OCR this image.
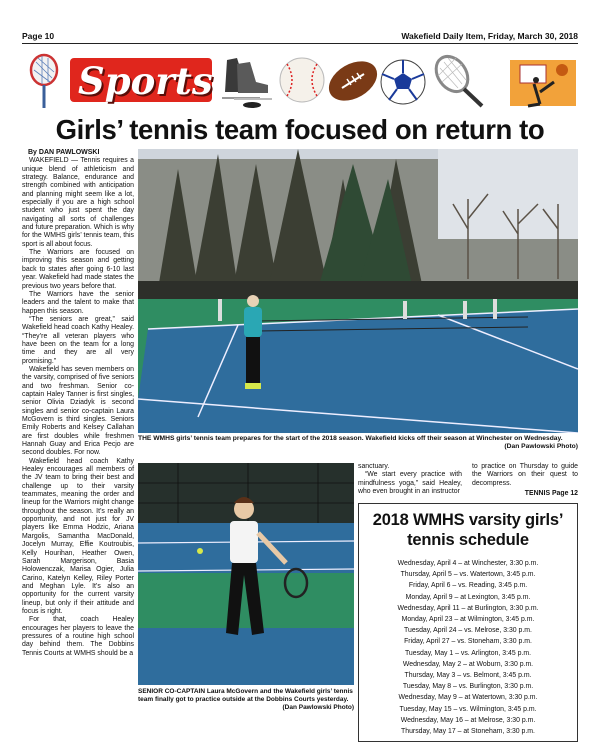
Page 10	Wakefield Daily Item, Friday, March 30, 2018
Sports
Girls’ tennis team focused on return to
By DAN PAWLOWSKI

WAKEFIELD — Tennis requires a unique blend of athleticism and strategy. Balance, endurance and strength combined with anticipation and planning might seem like a lot, especially if you are a high school student who just spent the day navigating all sorts of challenges and future preparation. Which is why for the WMHS girls’ tennis team, this sport is all about focus.

The Warriors are focused on improving this season and getting back to states after going 6-10 last year. Wakefield had made states the previous two years before that.

The Warriors have the senior leaders and the talent to make that happen this season.

“The seniors are great,” said Wakefield head coach Kathy Healey. “They’re all veteran players who have been on the team for a long time and they are all very promising.”

Wakefield has seven members on the varsity, comprised of five seniors and two freshman. Senior co-captain Haley Tanner is first singles, senior Olivia Dziadyk is second singles and senior co-captain Laura McGovern is third singles. Seniors Emily Roberts and Kelsey Callahan are first doubles while freshmen Hannah Guay and Erica Pecjo are second doubles. For now.

Wakefield head coach Kathy Healey encourages all members of the JV team to bring their best and challenge up to their varsity teammates, meaning the order and lineup for the Warriors might change throughout the season. It’s really an opportunity, and not just for JV players like Emma Hodzic, Ariana Margolis, Samantha MacDonald, Jocelyn Murray, Effie Koutroubis, Kelly Hourihan, Heather Owen, Sarah Margerison, Basia Holowenczak, Marisa Ogier, Julia Carino, Katelyn Kelley, Riley Porter and Meghan Lyle. It’s also an opportunity for the current varsity lineup, but only if their attitude and focus is right.

For that, coach Healey encourages her players to leave the pressures of a routine high school day behind them. The Dobbins Tennis Courts at WMHS should be a

THE WMHS girls’ tennis team prepares for the start of the 2018 season. Wakefield kicks off their season at Winchester on Wednesday.
(Dan Pawlowski Photo)
SENIOR CO-CAPTAIN Laura McGovern and the Wakefield girls’ tennis team finally got to practice outside at the Dobbins Courts yesterday.
(Dan Pawlowski Photo)
sanctuary.

“We start every practice with mindfulness yoga,” said Healey, who even brought in an instructor

to practice on Thursday to guide the Warriors on their quest to decompress.
TENNIS Page 12
2018 WMHS varsity girls’ tennis schedule
Wednesday, April 4 – at Winchester, 3:30 p.m.
Thursday, April 5 – vs. Watertown, 3:45 p.m.
Friday, April 6 – vs. Reading, 3:45 p.m.
Monday, April 9 – at Lexington, 3:45 p.m.
Wednesday, April 11 – at Burlington, 3:30 p.m.
Monday, April 23 – at Wilmington, 3:45 p.m.
Tuesday, April 24 – vs. Melrose, 3:30 p.m.
Friday, April 27 – vs. Stoneham, 3:30 p.m.
Tuesday, May 1 – vs. Arlington, 3:45 p.m.
Wednesday, May 2 – at Woburn, 3:30 p.m.
Thursday, May 3 – vs. Belmont, 3:45 p.m.
Tuesday, May 8 – vs. Burlington, 3:30 p.m.
Wednesday, May 9 – at Watertown, 3:30 p.m.
Tuesday, May 15 – vs. Wilmington, 3:45 p.m.
Wednesday, May 16 – at Melrose, 3:30 p.m.
Thursday, May 17 – at Stoneham, 3:30 p.m.
